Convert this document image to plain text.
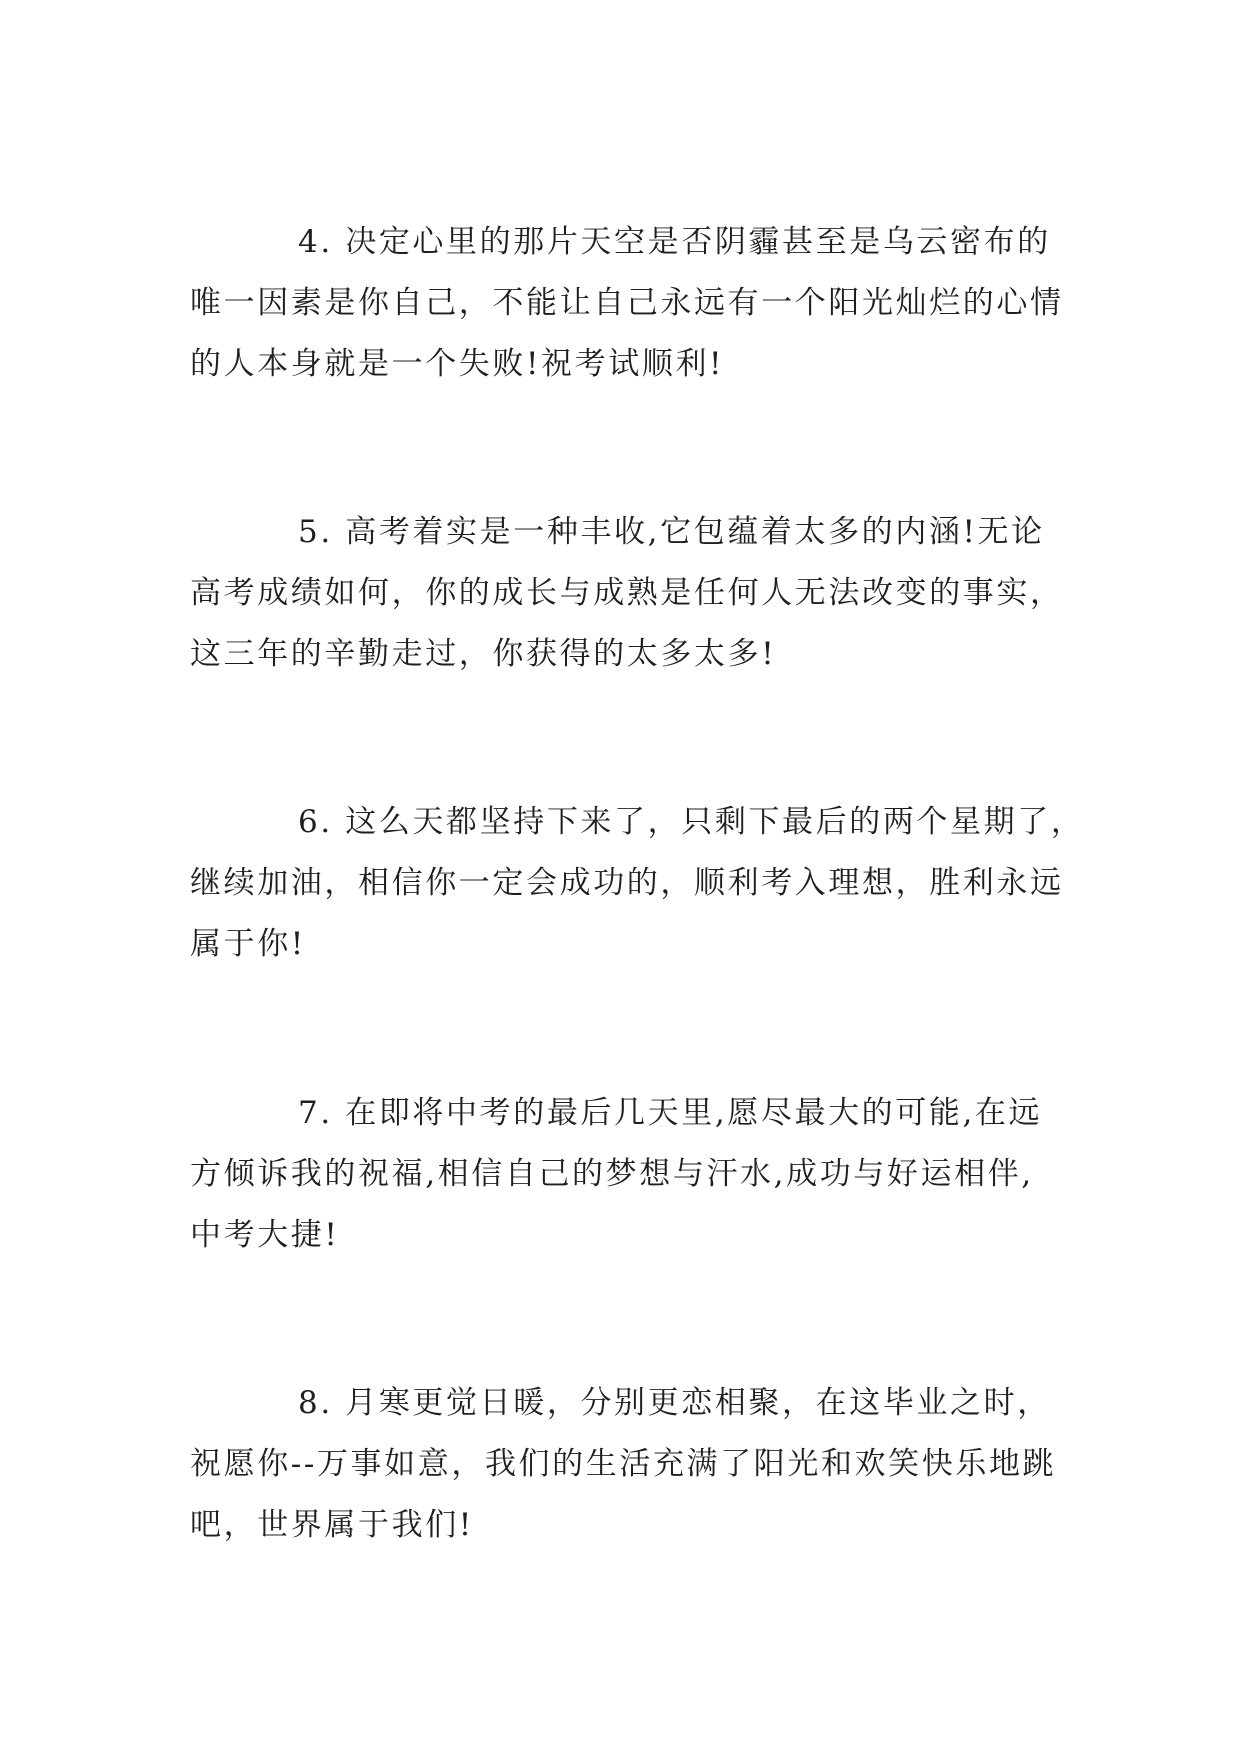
4. 决定心里的那片天空是否阴霾甚至是乌云密布的
唯一因素是你自己，不能让自己永远有一个阳光灿烂的心情
的人本身就是一个失败!祝考试顺利!
5. 高考着实是一种丰收,它包蕴着太多的内涵!无论
高考成绩如何，你的成长与成熟是任何人无法改变的事实，
这三年的辛勤走过，你获得的太多太多!
6. 这么天都坚持下来了，只剩下最后的两个星期了，
继续加油，相信你一定会成功的，顺利考入理想，胜利永远
属于你!
7. 在即将中考的最后几天里,愿尽最大的可能,在远
方倾诉我的祝福,相信自己的梦想与汗水,成功与好运相伴,
中考大捷!
8. 月寒更觉日暖，分别更恋相聚，在这毕业之时，
祝愿你--万事如意，我们的生活充满了阳光和欢笑快乐地跳
吧，世界属于我们!
